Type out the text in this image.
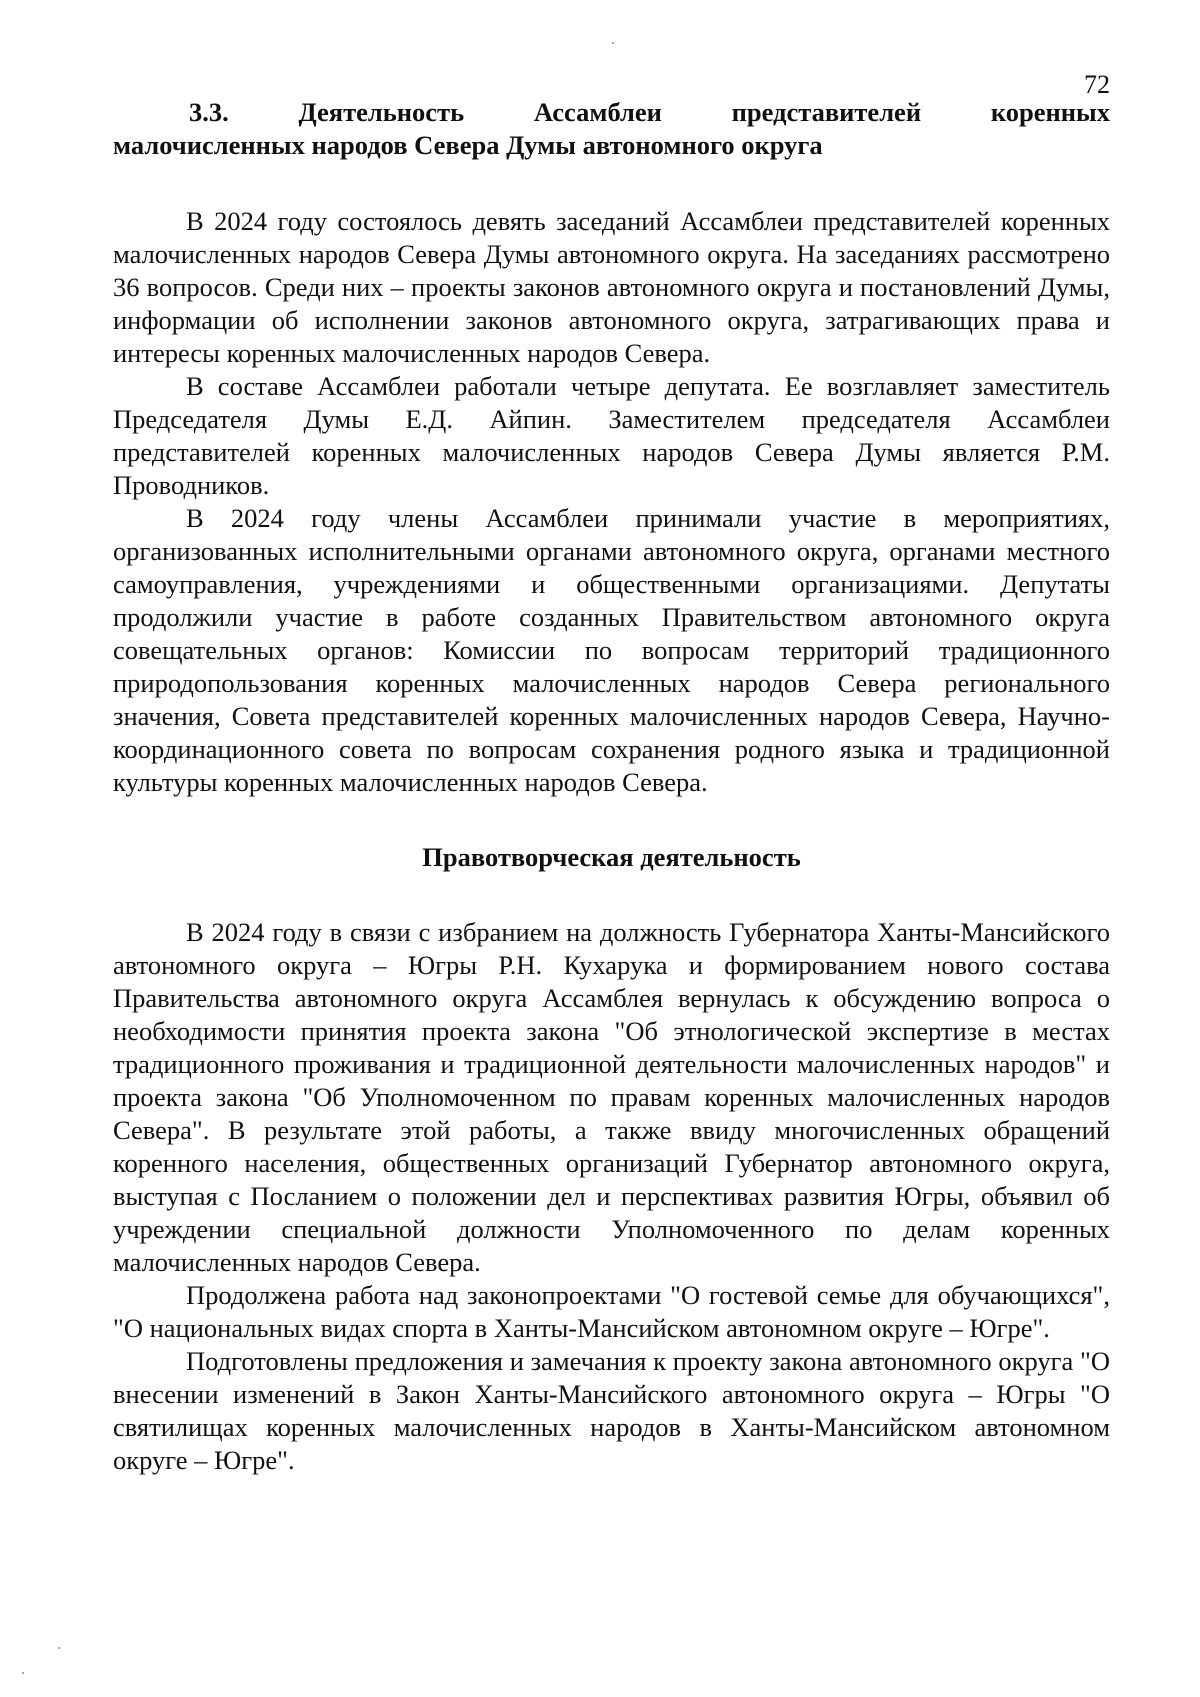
72
3.3.	Деятельность	Ассамблеи	представителей	коренных
малочисленных народов Севера Думы автономного округа

В 2024 году состоялось девять заседаний Ассамблеи представителей коренных малочисленных народов Севера Думы автономного округа. На заседаниях рассмотрено 36 вопросов. Среди них – проекты законов автономного округа и постановлений Думы, информации об исполнении законов автономного округа, затрагивающих права и интересы коренных малочисленных народов Севера.

В составе Ассамблеи работали четыре депутата. Ее возглавляет заместитель Председателя Думы Е.Д. Айпин. Заместителем председателя Ассамблеи представителей коренных малочисленных народов Севера Думы является Р.М. Проводников.

В 2024 году члены Ассамблеи принимали участие в мероприятиях, организованных исполнительными органами автономного округа, органами местного самоуправления, учреждениями и общественными организациями. Депутаты продолжили участие в работе созданных Правительством автономного округа совещательных органов: Комиссии по вопросам территорий традиционного природопользования коренных малочисленных народов Севера регионального значения, Совета представителей коренных малочисленных народов Севера, Научно-координационного совета по вопросам сохранения родного языка и традиционной культуры коренных малочисленных народов Севера.

Правотворческая деятельность

В 2024 году в связи с избранием на должность Губернатора Ханты-Мансийского автономного округа – Югры Р.Н. Кухарука и формированием нового состава Правительства автономного округа Ассамблея вернулась к обсуждению вопроса о необходимости принятия проекта закона "Об этнологической экспертизе в местах традиционного проживания и традиционной деятельности малочисленных народов" и проекта закона "Об Уполномоченном по правам коренных малочисленных народов Севера". В результате этой работы, а также ввиду многочисленных обращений коренного населения, общественных организаций Губернатор автономного округа, выступая с Посланием о положении дел и перспективах развития Югры, объявил об учреждении специальной должности Уполномоченного по делам коренных малочисленных народов Севера.

Продолжена работа над законопроектами "О гостевой семье для обучающихся", "О национальных видах спорта в Ханты-Мансийском автономном округе – Югре".

Подготовлены предложения и замечания к проекту закона автономного округа "О внесении изменений в Закон Ханты-Мансийского автономного округа – Югры "О святилищах коренных малочисленных народов в Ханты-Мансийском автономном округе – Югре".
